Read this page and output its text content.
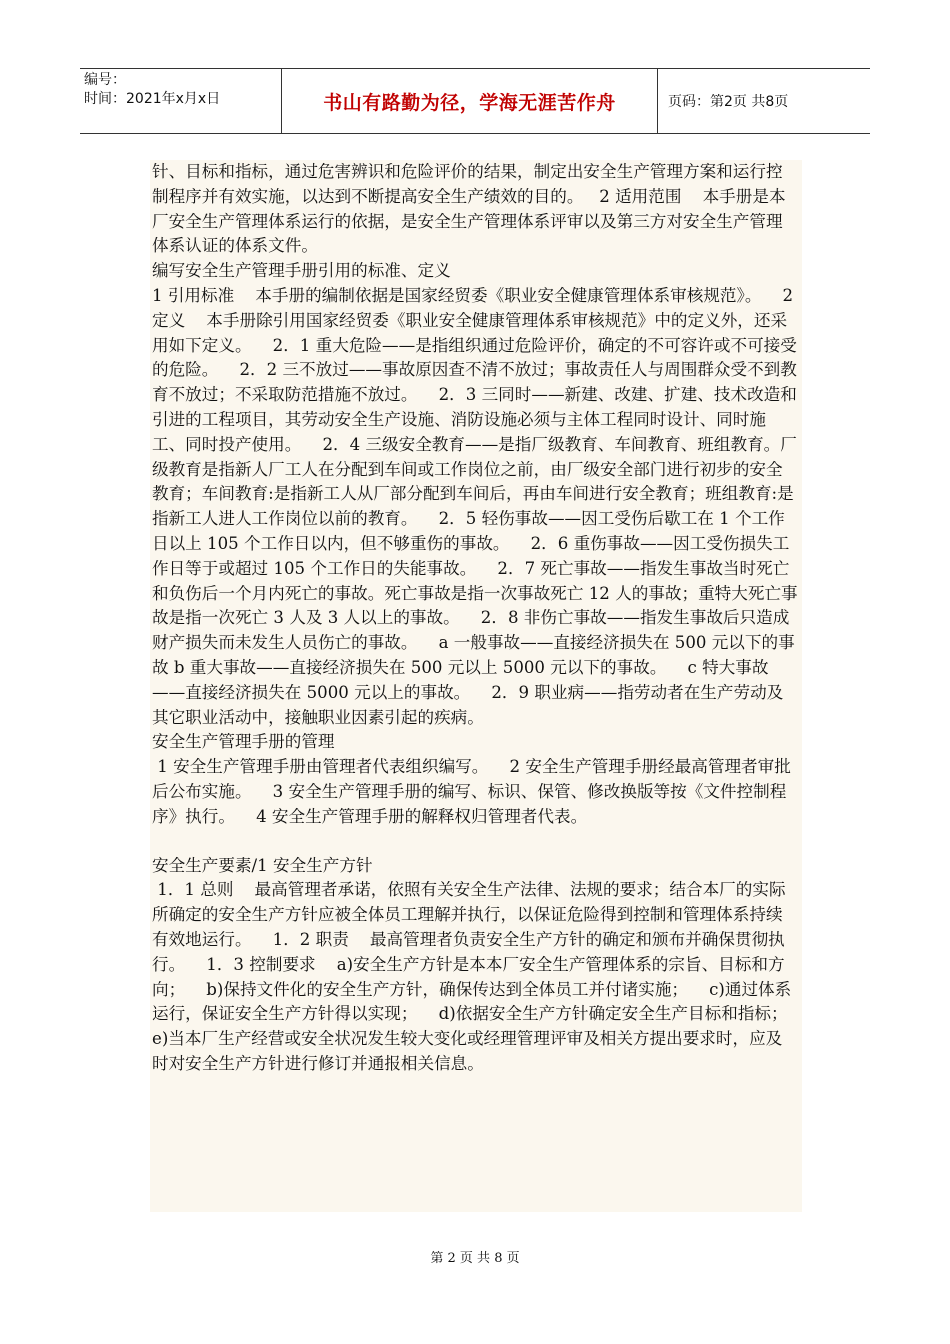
编号：
时间：2021年x月x日	书山有路勤为径，学海无涯苦作舟	页码：第2页 共8页

针、目标和指标，通过危害辨识和危险评价的结果，制定出安全生产管理方案和运行控制程序并有效实施，以达到不断提高安全生产绩效的目的。   2 适用范围    本手册是本厂安全生产管理体系运行的依据，是安全生产管理体系评审以及第三方对安全生产管理体系认证的体系文件。

编写安全生产管理手册引用的标准、定义

1 引用标准    本手册的编制依据是国家经贸委《职业安全健康管理体系审核规范》。    2 定义    本手册除引用国家经贸委《职业安全健康管理体系审核规范》中的定义外，还采用如下定义。    2．1 重大危险——是指组织通过危险评价，确定的不可容许或不可接受的危险。    2．2 三不放过——事故原因查不清不放过；事故责任人与周围群众受不到教育不放过；不采取防范措施不放过。    2．3 三同时——新建、改建、扩建、技术改造和引进的工程项目，其劳动安全生产设施、消防设施必须与主体工程同时设计、同时施工、同时投产使用。    2．4 三级安全教育——是指厂级教育、车间教育、班组教育。厂级教育是指新人厂工人在分配到车间或工作岗位之前，由厂级安全部门进行初步的安全教育；车间教育:是指新工人从厂部分配到车间后，再由车间进行安全教育；班组教育:是指新工人进人工作岗位以前的教育。    2．5 轻伤事故——因工受伤后歇工在 1 个工作日以上 105 个工作日以内，但不够重伤的事故。    2．6 重伤事故——因工受伤损失工作日等于或超过 105 个工作日的失能事故。    2．7 死亡事故——指发生事故当时死亡和负伤后一个月内死亡的事故。死亡事故是指一次事故死亡 12 人的事故；重特大死亡事故是指一次死亡 3 人及 3 人以上的事故。    2．8 非伤亡事故——指发生事故后只造成财产损失而未发生人员伤亡的事故。    a 一般事故——直接经济损失在 500 元以下的事故 b 重大事故——直接经济损失在 500 元以上 5000 元以下的事故。    c 特大事故——直接经济损失在 5000 元以上的事故。    2．9 职业病——指劳动者在生产劳动及其它职业活动中，接触职业因素引起的疾病。

安全生产管理手册的管理

1 安全生产管理手册由管理者代表组织编写。    2 安全生产管理手册经最高管理者审批后公布实施。    3 安全生产管理手册的编写、标识、保管、修改换版等按《文件控制程序》执行。    4 安全生产管理手册的解释权归管理者代表。

安全生产要素/1 安全生产方针

1．1 总则    最高管理者承诺，依照有关安全生产法律、法规的要求；结合本厂的实际所确定的安全生产方针应被全体员工理解并执行，以保证危险得到控制和管理体系持续有效地运行。    1．2 职责    最高管理者负责安全生产方针的确定和颁布并确保贯彻执行。    1．3 控制要求    a)安全生产方针是本本厂安全生产管理体系的宗旨、目标和方向；    b)保持文件化的安全生产方针，确保传达到全体员工并付诸实施；    c)通过体系运行，保证安全生产方针得以实现；    d)依据安全生产方针确定安全生产目标和指标；    e)当本厂生产经营或安全状况发生较大变化或经理管理评审及相关方提出要求时，应及时对安全生产方针进行修订并通报相关信息。

第 2 页 共 8 页
